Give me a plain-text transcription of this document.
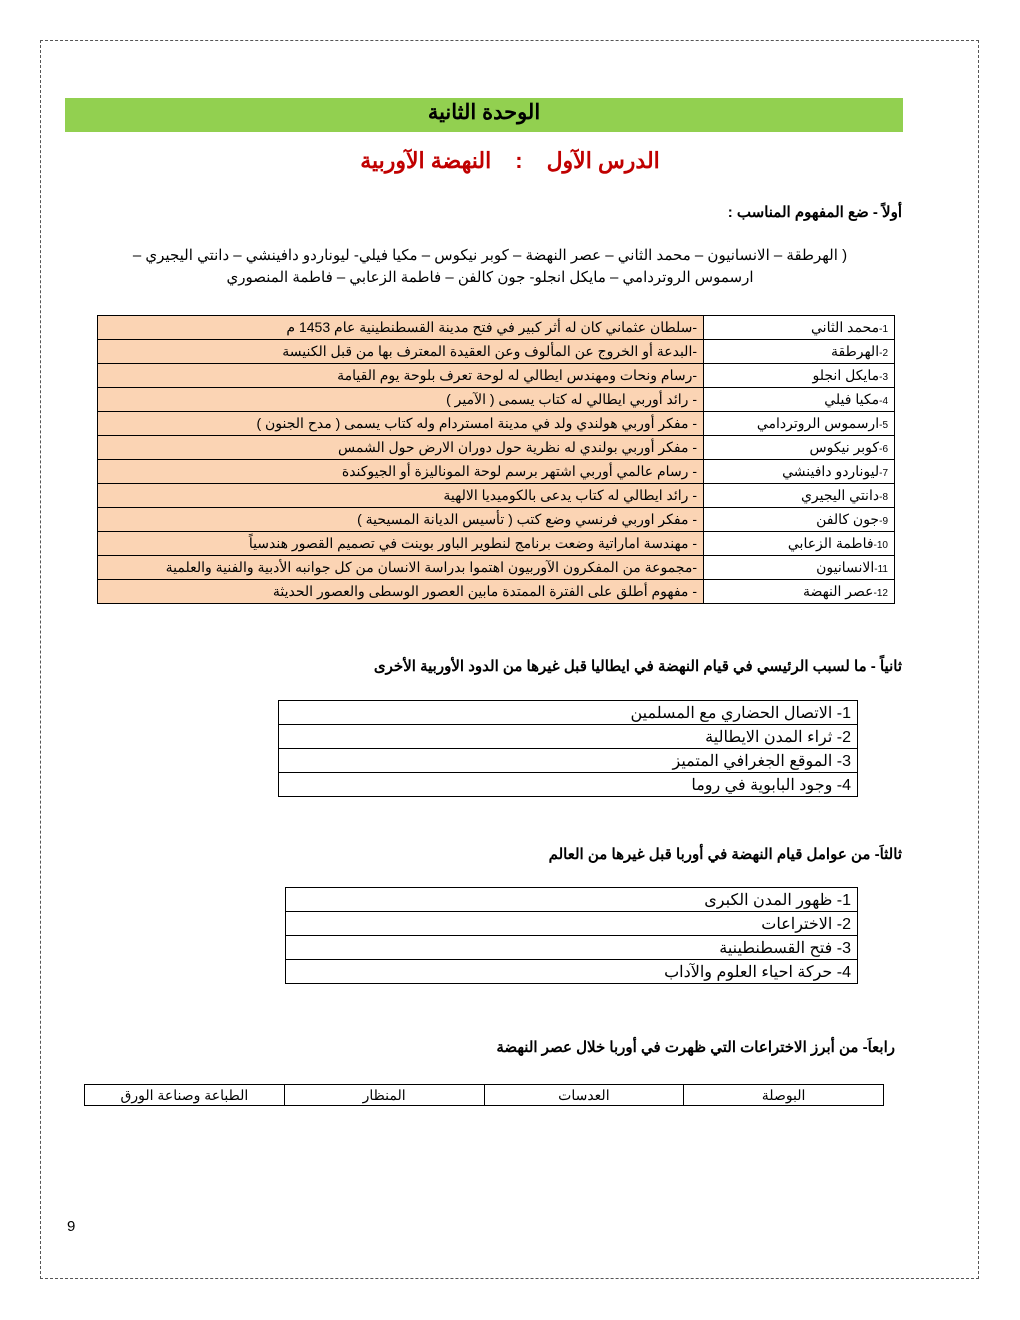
الوحدة الثانية
الدرس الآول:النهضة الآوربية
أولاً - ضع المفهوم المناسب :
( الهرطقة – الانسانيون – محمد الثاني – عصر النهضة – كوبر نيكوس – مكيا فيلي- ليوناردو دافينشي – دانتي اليجيري –
ارسموس الروتردامي – مايكل انجلو- جون كالفن – فاطمة الزعابي – فاطمة المنصوري
1-محمد الثاني	-سلطان عثماني كان له أثر كبير في فتح مدينة القسطنطينية عام 1453 م
2-الهرطقة	-البدعة أو الخروج عن المألوف وعن العقيدة المعترف بها من قبل الكنيسة
3-مايكل انجلو	-رسام ونحات ومهندس ايطالي له لوحة تعرف بلوحة يوم القيامة
4-مكيا فيلي	- رائد أوربي ايطالي له كتاب يسمى ( الآمير )
5-ارسموس الروتردامي	- مفكر أوربي هولندي ولد في مدينة امستردام وله كتاب يسمى ( مدح الجنون )
6-كوبر نيكوس	- مفكر أوربي بولندي له نظرية حول دوران الارض حول الشمس
7-ليوناردو دافينشي	- رسام عالمي أوربي اشتهر برسم لوحة الموناليزة أو الجيوكندة
8-دانتي اليجيري	- رائد ايطالي له كتاب يدعى بالكوميديا الالهية
9-جون كالفن	- مفكر اوربي فرنسي وضع كتب ( تأسيس الديانة المسيحية )
10-فاطمة الزعابي	- مهندسة اماراتية وضعت برنامج لنطوير الباور بوينت في تصميم القصور هندسياً
11-الانسانيون	-مجموعة من المفكرون الآوربيون اهتموا بدراسة الانسان من كل جوانبه الأدبية والفنية والعلمية
12-عصر النهضة	- مفهوم أطلق على الفترة الممتدة مابين العصور الوسطى والعصور الحديثة
ثانياً - ما لسبب الرئيسي في قيام النهضة في ايطاليا قبل غيرها من الدود الأوربية الأخرى
1- الاتصال الحضاري مع المسلمين
2- ثراء المدن الايطالية
3- الموقع الجغرافي المتميز
4- وجود البابوية في روما
ثالثاَ- من عوامل قيام النهضة في أوربا قبل غيرها من العالم
1- ظهور المدن الكبرى
2- الاختراعات
3- فتح القسطنطينية
4- حركة احياء العلوم والآداب
رابعاَ- من أبرز الاختراعات التي ظهرت في أوربا خلال عصر النهضة
البوصلة	العدسات	المنظار	الطباعة وصناعة الورق
9
